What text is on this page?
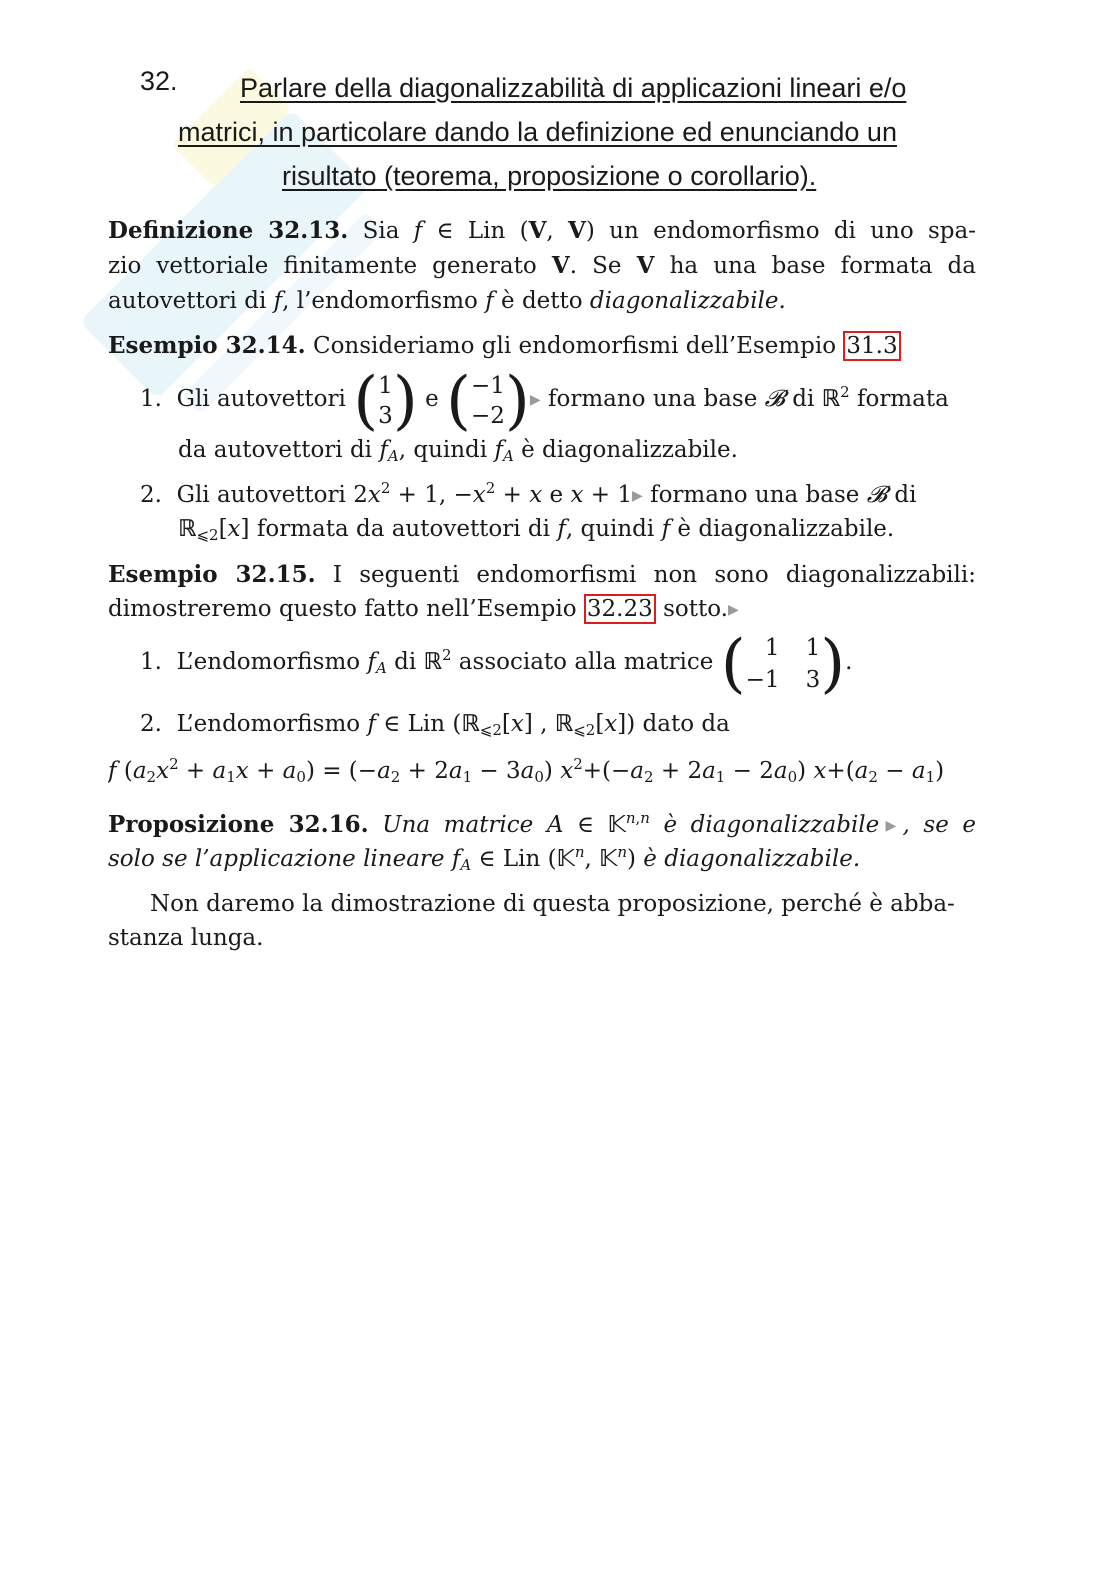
32. Parlare della diagonalizzabilità di applicazioni lineari e/o
matrici, in particolare dando la definizione ed enunciando un
risultato (teorema, proposizione o corollario).
Definizione 32.13. Sia f ∈ Lin (V, V) un endomorfismo di uno spa-
zio vettoriale finitamente generato V. Se V ha una base formata da
autovettori di f, l’endomorfismo f è detto diagonalizzabile.
Esempio 32.14. Consideriamo gli endomorfismi dell’Esempio 31.3
1. Gli autovettori (1
3) e (−1
−2)▶ formano una base 𝓑 di ℝ$^2$ formata
da autovettori di $f_A$, quindi $f_A$ è diagonalizzabile.
2. Gli autovettori $2x^2 + 1$, $-x^2 + x$ e x + 1▶ formano una base 𝓑 di
ℝ$_{⩽2}$[x] formata da autovettori di f, quindi f è diagonalizzabile.
Esempio 32.15. I seguenti endomorfismi non sono diagonalizzabili:
dimostreremo questo fatto nell’Esempio 32.23 sotto.▶
1. L’endomorfismo $f_A$ di ℝ$^2$ associato alla matrice ( 1 1
−1 3 ).
2. L’endomorfismo f ∈ Lin (ℝ$_{⩽2}$[x] , ℝ$_{⩽2}$[x]) dato da
f $(a_2x^2 + a_1x + a_0) = (-a_2 + 2a_1 - 3a_0) x^2+(-a_2 + 2a_1 - 2a_0) x+(a_2 - a_1)$
Proposizione 32.16. Una matrice A ∈ 𝕂$^{n,n}$ è diagonalizzabile▶, se e
solo se l’applicazione lineare $f_A$ ∈ Lin (𝕂$^n$, 𝕂$^n$) è diagonalizzabile.
Non daremo la dimostrazione di questa proposizione, perché è abba-
stanza lunga.
